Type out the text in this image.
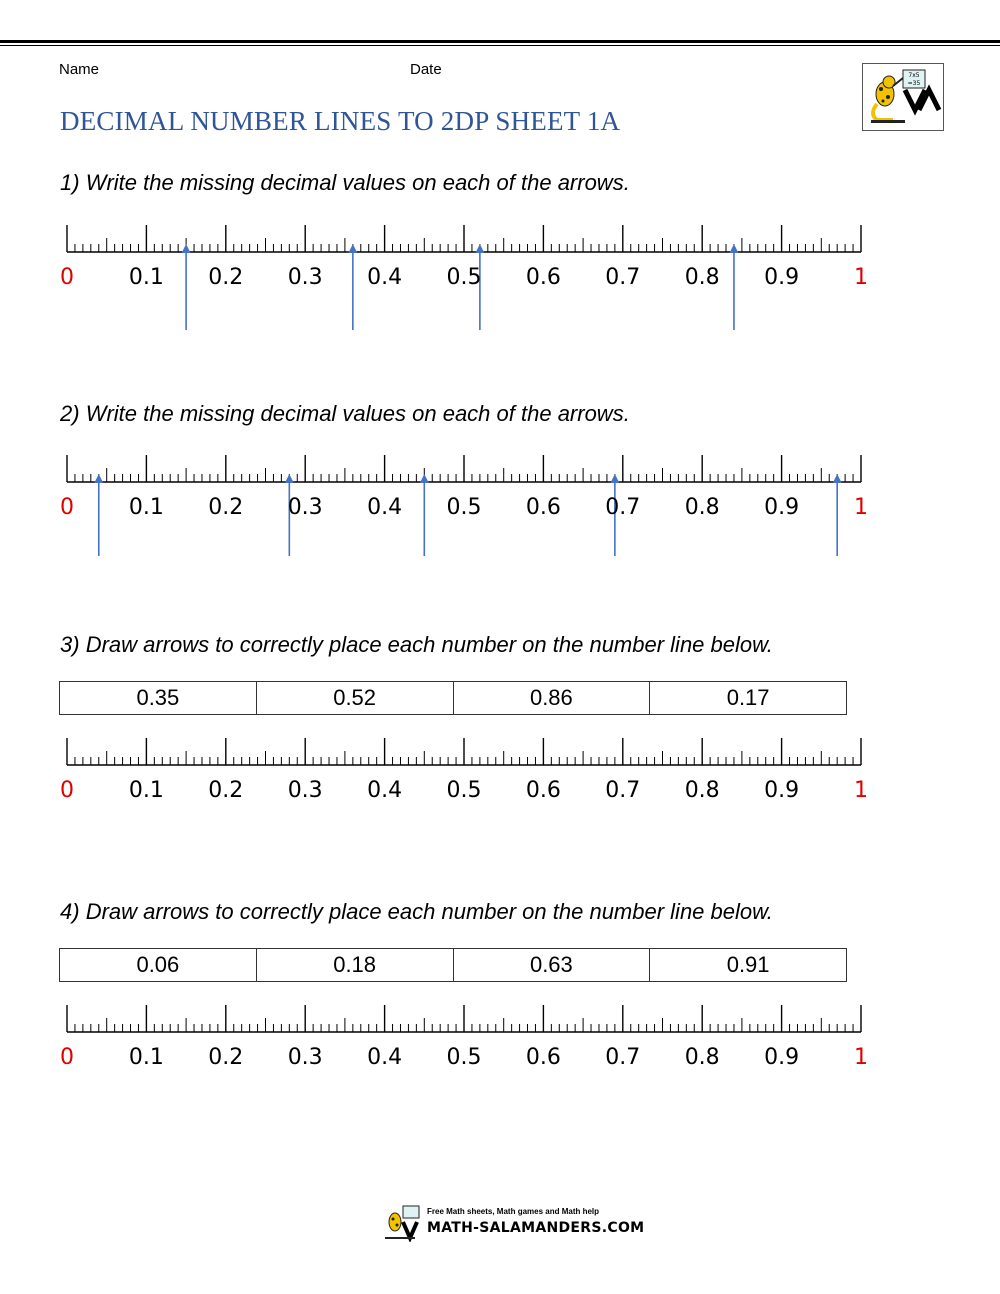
Name	Date
DECIMAL NUMBER LINES TO 2DP SHEET 1A
7x5
=35
1) Write the missing decimal values on each of the arrows.
0 0.1 0.2 0.3 0.4 0.5 0.6 0.7 0.8 0.9 1
2) Write the missing decimal values on each of the arrows.
0 0.1 0.2 0.3 0.4 0.5 0.6 0.7 0.8 0.9 1
3) Draw arrows to correctly place each number on the number line below.
0.35	0.52	0.86	0.17
0 0.1 0.2 0.3 0.4 0.5 0.6 0.7 0.8 0.9 1
4) Draw arrows to correctly place each number on the number line below.
0.06	0.18	0.63	0.91
0 0.1 0.2 0.3 0.4 0.5 0.6 0.7 0.8 0.9 1
Free Math sheets, Math games and Math help
MATH-SALAMANDERS.COM
